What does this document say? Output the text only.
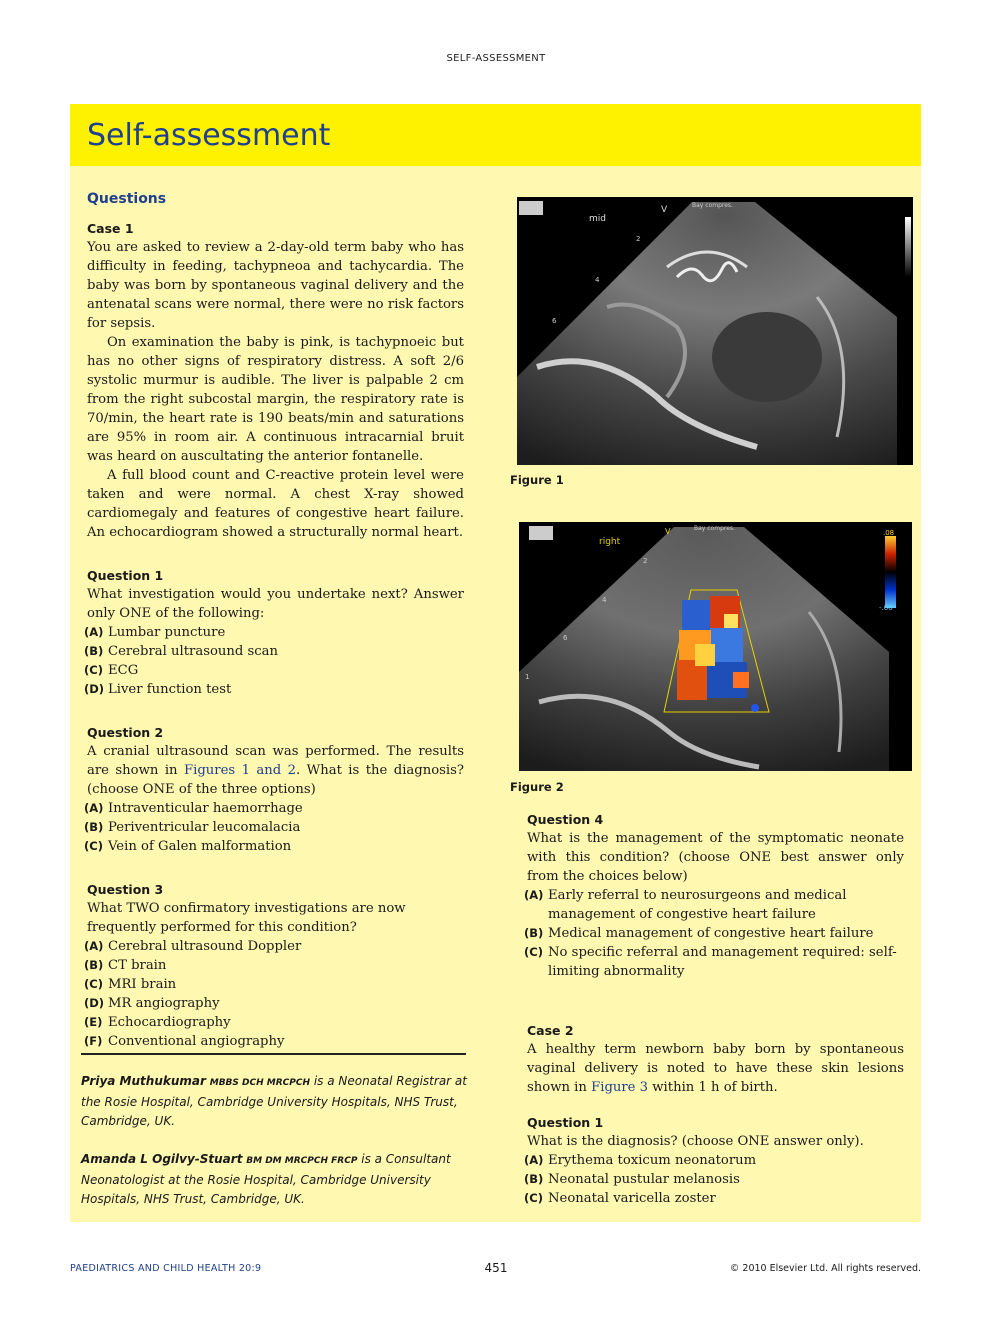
SELF-ASSESSMENT
Self-assessment
Questions
Case 1

You are asked to review a 2-day-old term baby who has difficulty in feeding, tachypneoa and tachycardia. The baby was born by spontaneous vaginal delivery and the antenatal scans were normal, there were no risk factors for sepsis.

On examination the baby is pink, is tachypnoeic but has no other signs of respiratory distress. A soft 2/6 systolic murmur is audible. The liver is palpable 2 cm from the right subcostal margin, the respiratory rate is 70/min, the heart rate is 190 beats/min and saturations are 95% in room air. A continuous intracarnial bruit was heard on auscultating the anterior fontanelle.

A full blood count and C-reactive protein level were taken and were normal. A chest X-ray showed cardiomegaly and features of congestive heart failure. An echocardiogram showed a structurally normal heart.

Question 1

What investigation would you undertake next? Answer only ONE of the following:

(A) Lumbar puncture
(B) Cerebral ultrasound scan
(C) ECG
(D) Liver function test
Question 2

A cranial ultrasound scan was performed. The results are shown in Figures 1 and 2. What is the diagnosis? (choose ONE of the three options)

(A) Intraventicular haemorrhage
(B) Periventricular leucomalacia
(C) Vein of Galen malformation
Question 3

What TWO confirmatory investigations are now frequently performed for this condition?

(A) Cerebral ultrasound Doppler
(B) CT brain
(C) MRI brain
(D) MR angiography
(E) Echocardiography
(F) Conventional angiography
Priya Muthukumar MBBS DCH MRCPCH is a Neonatal Registrar at the Rosie Hospital, Cambridge University Hospitals, NHS Trust, Cambridge, UK.
Amanda L Ogilvy-Stuart BM DM MRCPCH FRCP is a Consultant Neonatologist at the Rosie Hospital, Cambridge University Hospitals, NHS Trust, Cambridge, UK.
mid
V	Bay compres.
2
4
6
Figure 1
.08
-.08
right
V	Bay compres.
2
4
6
1
Figure 2
Question 4

What is the management of the symptomatic neonate with this condition? (choose ONE best answer only from the choices below)

(A) Early referral to neurosurgeons and medical management of congestive heart failure
(B) Medical management of congestive heart failure
(C) No specific referral and management required: self-limiting abnormality
Case 2

A healthy term newborn baby born by spontaneous vaginal delivery is noted to have these skin lesions shown in Figure 3 within 1 h of birth.

Question 1

What is the diagnosis? (choose ONE answer only).

(A) Erythema toxicum neonatorum
(B) Neonatal pustular melanosis
(C) Neonatal varicella zoster
PAEDIATRICS AND CHILD HEALTH 20:9	451	© 2010 Elsevier Ltd. All rights reserved.
